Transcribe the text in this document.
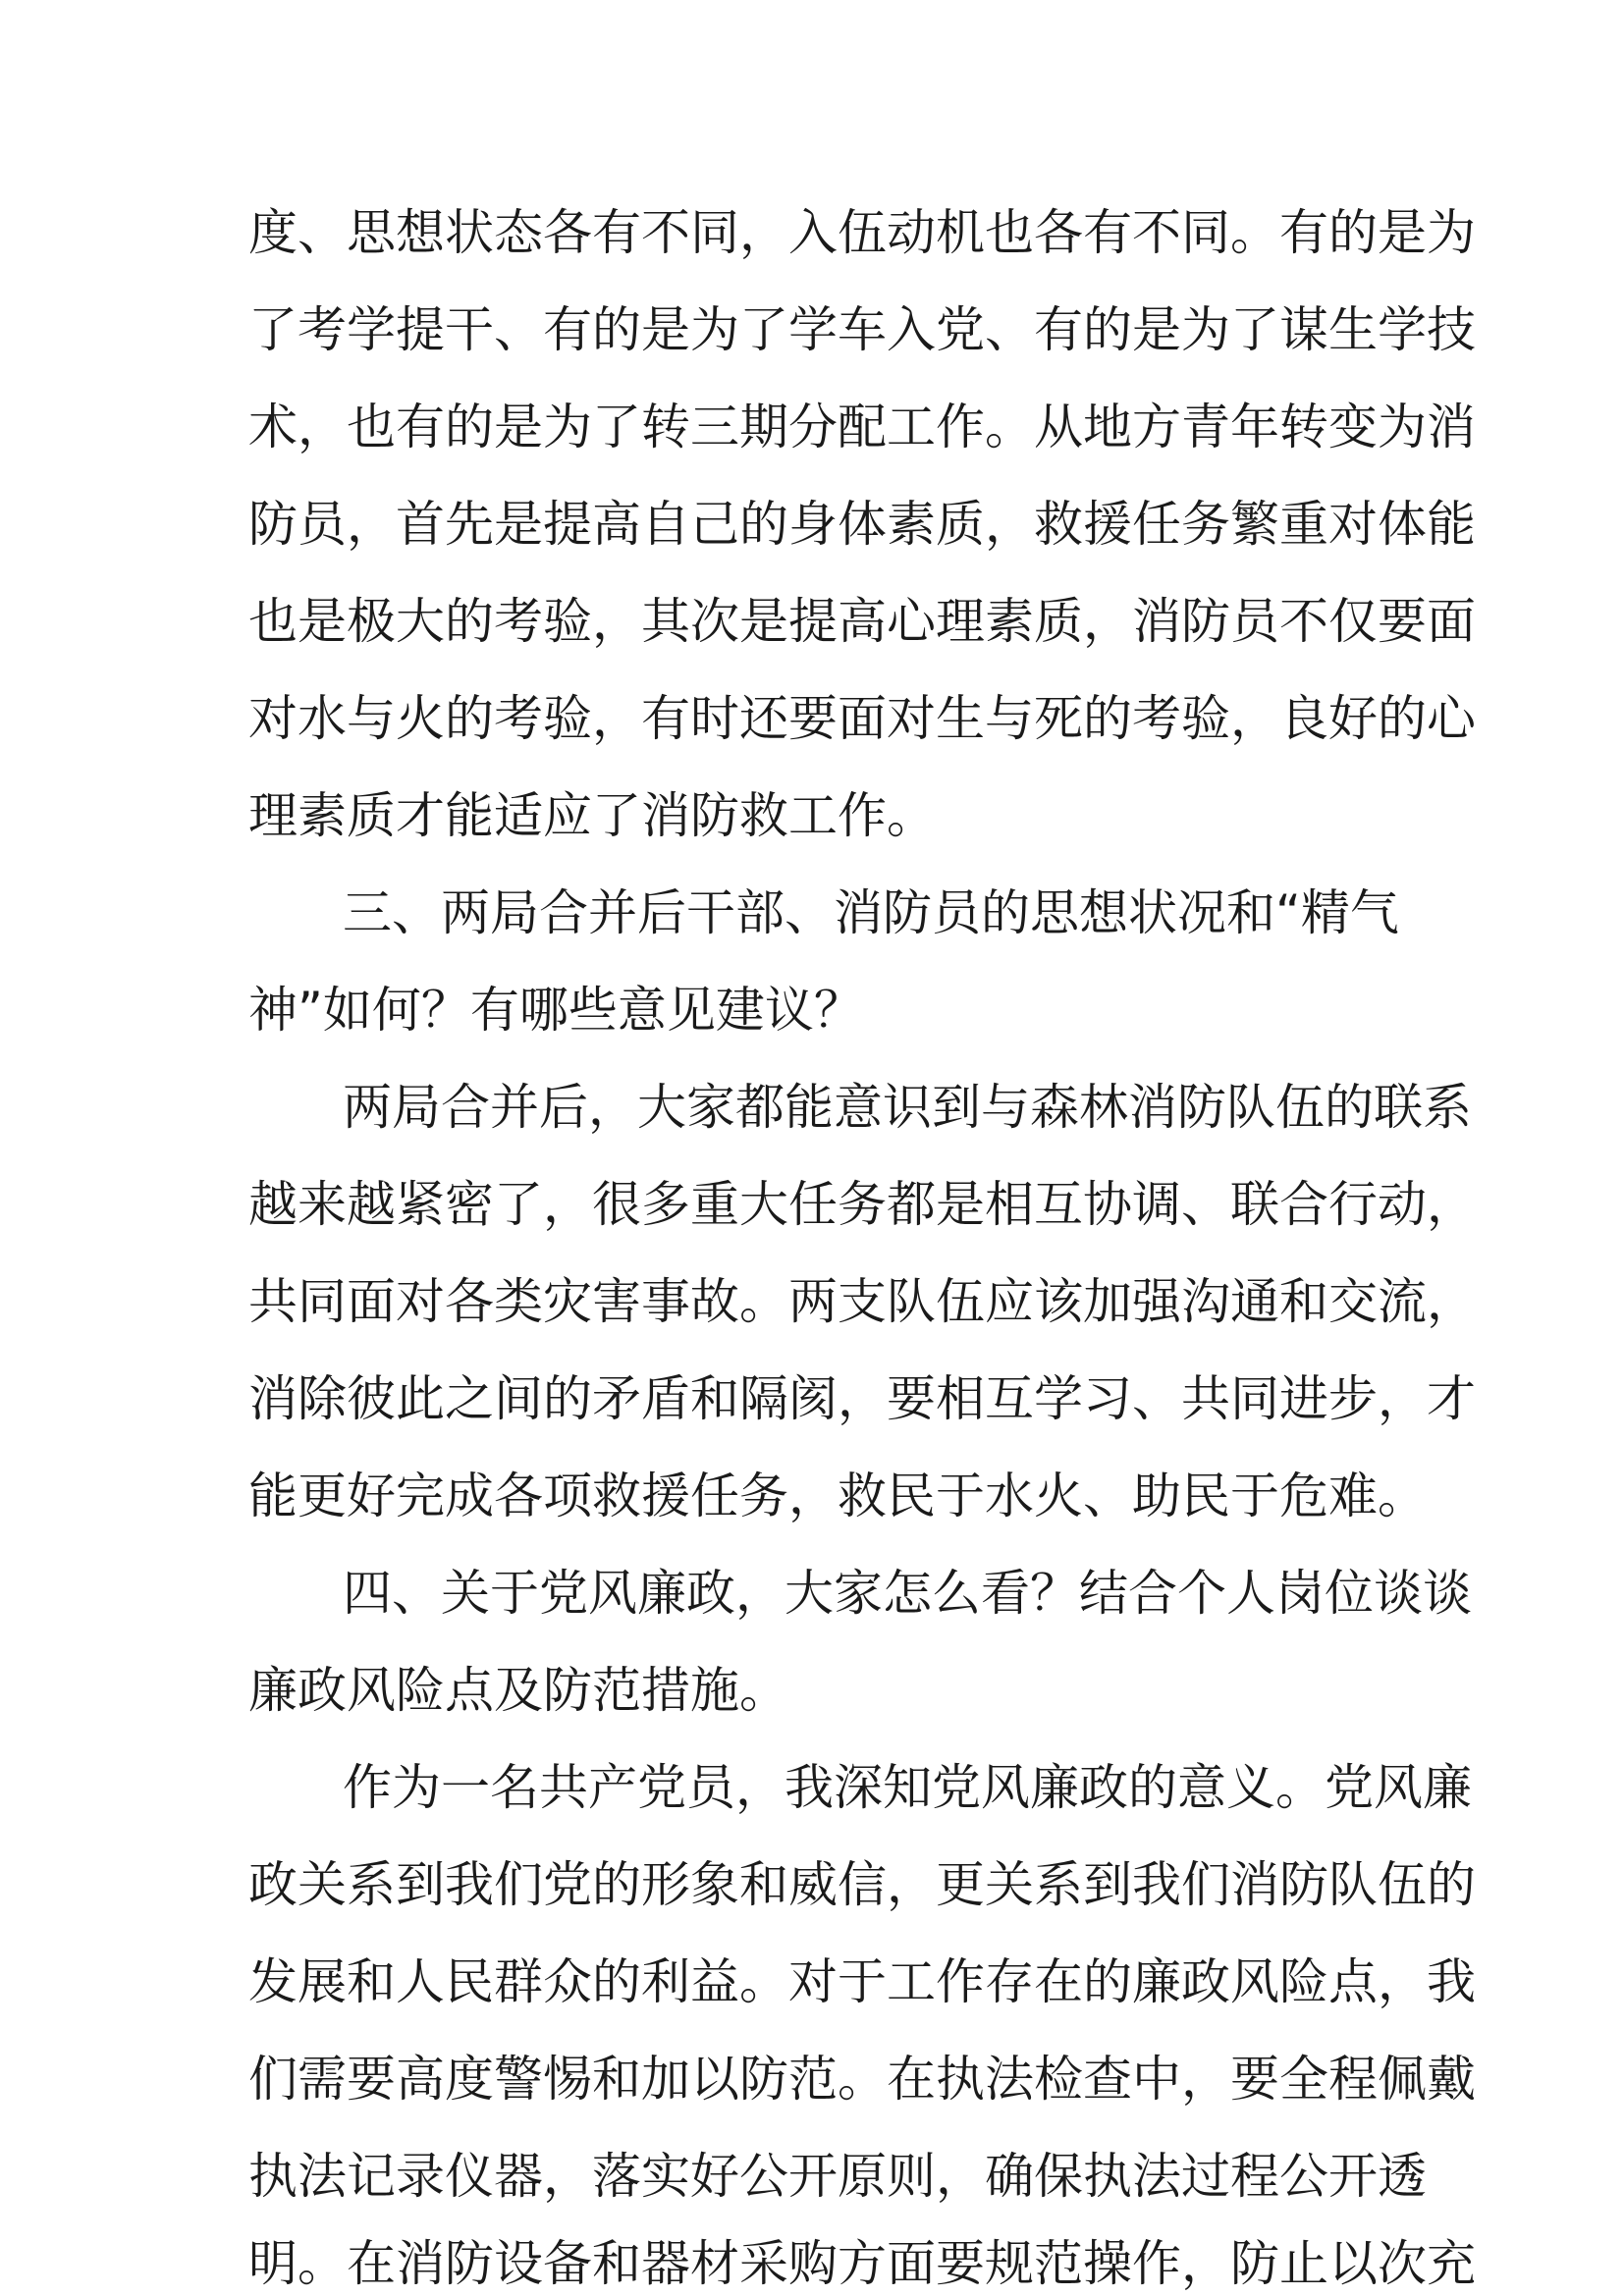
度、思想状态各有不同，入伍动机也各有不同。有的是为
了考学提干、有的是为了学车入党、有的是为了谋生学技
术，也有的是为了转三期分配工作。从地方青年转变为消
防员，首先是提高自己的身体素质，救援任务繁重对体能
也是极大的考验，其次是提高心理素质，消防员不仅要面
对水与火的考验，有时还要面对生与死的考验，良好的心
理素质才能适应了消防救工作。
三、两局合并后干部、消防员的思想状况和“精气
神”如何？有哪些意见建议？
两局合并后，大家都能意识到与森林消防队伍的联系
越来越紧密了，很多重大任务都是相互协调、联合行动，
共同面对各类灾害事故。两支队伍应该加强沟通和交流，
消除彼此之间的矛盾和隔阂，要相互学习、共同进步，才
能更好完成各项救援任务，救民于水火、助民于危难。
四、关于党风廉政，大家怎么看？结合个人岗位谈谈
廉政风险点及防范措施。
作为一名共产党员，我深知党风廉政的意义。党风廉
政关系到我们党的形象和威信，更关系到我们消防队伍的
发展和人民群众的利益。对于工作存在的廉政风险点，我
们需要高度警惕和加以防范。在执法检查中，要全程佩戴
执法记录仪器，落实好公开原则，确保执法过程公开透
明。在消防设备和器材采购方面要规范操作，防止以次充
